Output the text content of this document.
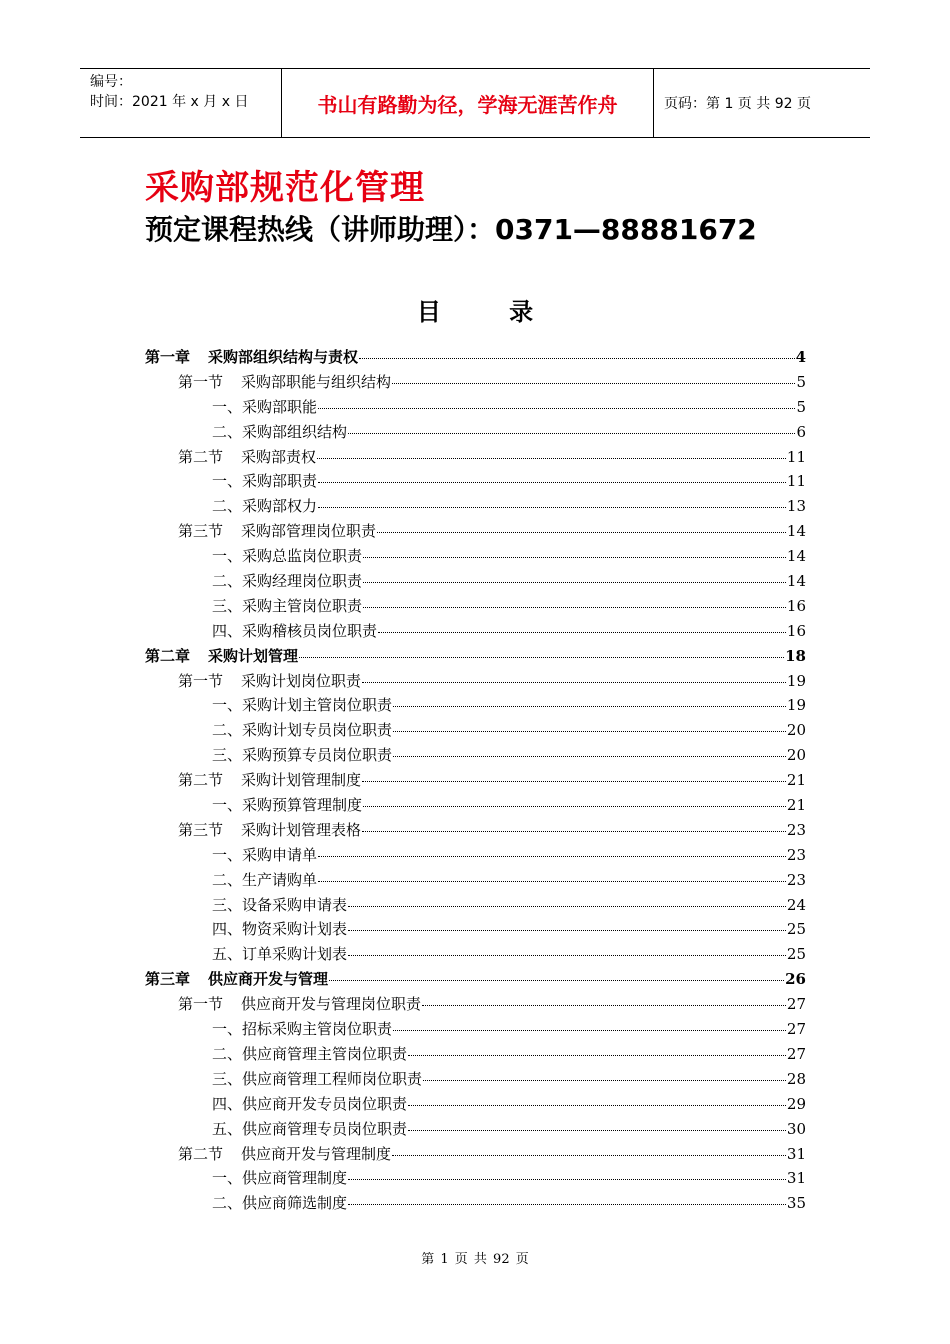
编号：
时间：2021 年 x 月 x 日	书山有路勤为径，学海无涯苦作舟	页码：第 1 页 共 92 页
采购部规范化管理
预定课程热线（讲师助理）：0371—88881672
目 录
第一章 采购部组织结构与责权	4
第一节 采购部职能与组织结构	5
一、采购部职能	5
二、采购部组织结构	6
第二节 采购部责权	11
一、采购部职责	11
二、采购部权力	13
第三节 采购部管理岗位职责	14
一、采购总监岗位职责	14
二、采购经理岗位职责	14
三、采购主管岗位职责	16
四、采购稽核员岗位职责	16
第二章 采购计划管理	18
第一节 采购计划岗位职责	19
一、采购计划主管岗位职责	19
二、采购计划专员岗位职责	20
三、采购预算专员岗位职责	20
第二节 采购计划管理制度	21
一、采购预算管理制度	21
第三节 采购计划管理表格	23
一、采购申请单	23
二、生产请购单	23
三、设备采购申请表	24
四、物资采购计划表	25
五、订单采购计划表	25
第三章 供应商开发与管理	26
第一节 供应商开发与管理岗位职责	27
一、招标采购主管岗位职责	27
二、供应商管理主管岗位职责	27
三、供应商管理工程师岗位职责	28
四、供应商开发专员岗位职责	29
五、供应商管理专员岗位职责	30
第二节 供应商开发与管理制度	31
一、供应商管理制度	31
二、供应商筛选制度	35
第 1 页 共 92 页
